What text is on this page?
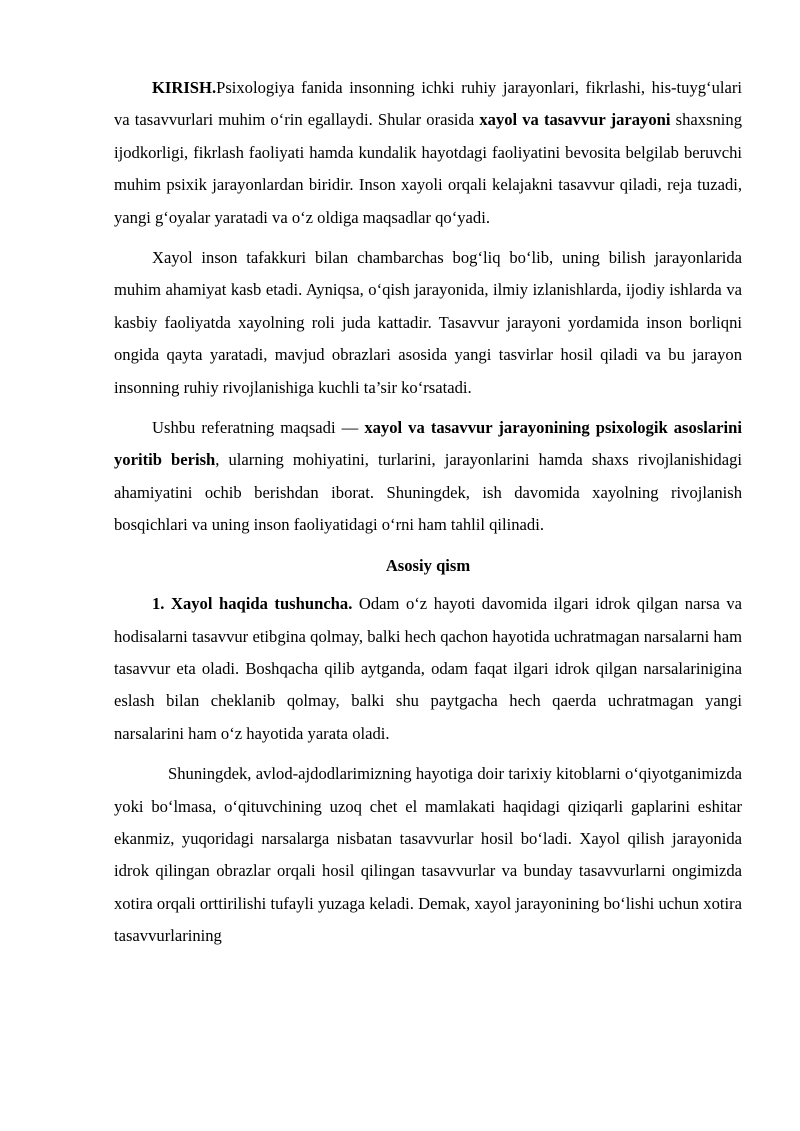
KIRISH.Psixologiya fanida insonning ichki ruhiy jarayonlari, fikrlashi, his-tuyg‘ulari va tasavvurlari muhim o‘rin egallaydi. Shular orasida xayol va tasavvur jarayoni shaxsning ijodkorligi, fikrlash faoliyati hamda kundalik hayotdagi faoliyatini bevosita belgilab beruvchi muhim psixik jarayonlardan biridir. Inson xayoli orqali kelajakni tasavvur qiladi, reja tuzadi, yangi g‘oyalar yaratadi va o‘z oldiga maqsadlar qo‘yadi.

Xayol inson tafakkuri bilan chambarchas bog‘liq bo‘lib, uning bilish jarayonlarida muhim ahamiyat kasb etadi. Ayniqsa, o‘qish jarayonida, ilmiy izlanishlarda, ijodiy ishlarda va kasbiy faoliyatda xayolning roli juda kattadir. Tasavvur jarayoni yordamida inson borliqni ongida qayta yaratadi, mavjud obrazlari asosida yangi tasvirlar hosil qiladi va bu jarayon insonning ruhiy rivojlanishiga kuchli ta’sir ko‘rsatadi.

Ushbu referatning maqsadi — xayol va tasavvur jarayonining psixologik asoslarini yoritib berish, ularning mohiyatini, turlarini, jarayonlarini hamda shaxs rivojlanishidagi ahamiyatini ochib berishdan iborat. Shuningdek, ish davomida xayolning rivojlanish bosqichlari va uning inson faoliyatidagi o‘rni ham tahlil qilinadi.

Asosiy qism

1. Xayol haqida tushuncha. Odam o‘z hayoti davomida ilgari idrok qilgan narsa va hodisalarni tasavvur etibgina qolmay, balki hech qachon hayotida uchratmagan narsalarni ham tasavvur eta oladi. Boshqacha qilib aytganda, odam faqat ilgari idrok qilgan narsalarinigina eslash bilan cheklanib qolmay, balki shu paytgacha hech qaerda uchratmagan yangi narsalarini ham o‘z hayotida yarata oladi.

Shuningdek, avlod-ajdodlarimizning hayotiga doir tarixiy kitoblarni o‘qiyotganimizda yoki bo‘lmasa, o‘qituvchining uzoq chet el mamlakati haqidagi qiziqarli gaplarini eshitar ekanmiz, yuqoridagi narsalarga nisbatan tasavvurlar hosil bo‘ladi. Xayol qilish jarayonida idrok qilingan obrazlar orqali hosil qilingan tasavvurlar va bunday tasavvurlarni ongimizda xotira orqali orttirilishi tufayli yuzaga keladi. Demak, xayol jarayonining bo‘lishi uchun xotira tasavvurlarining
